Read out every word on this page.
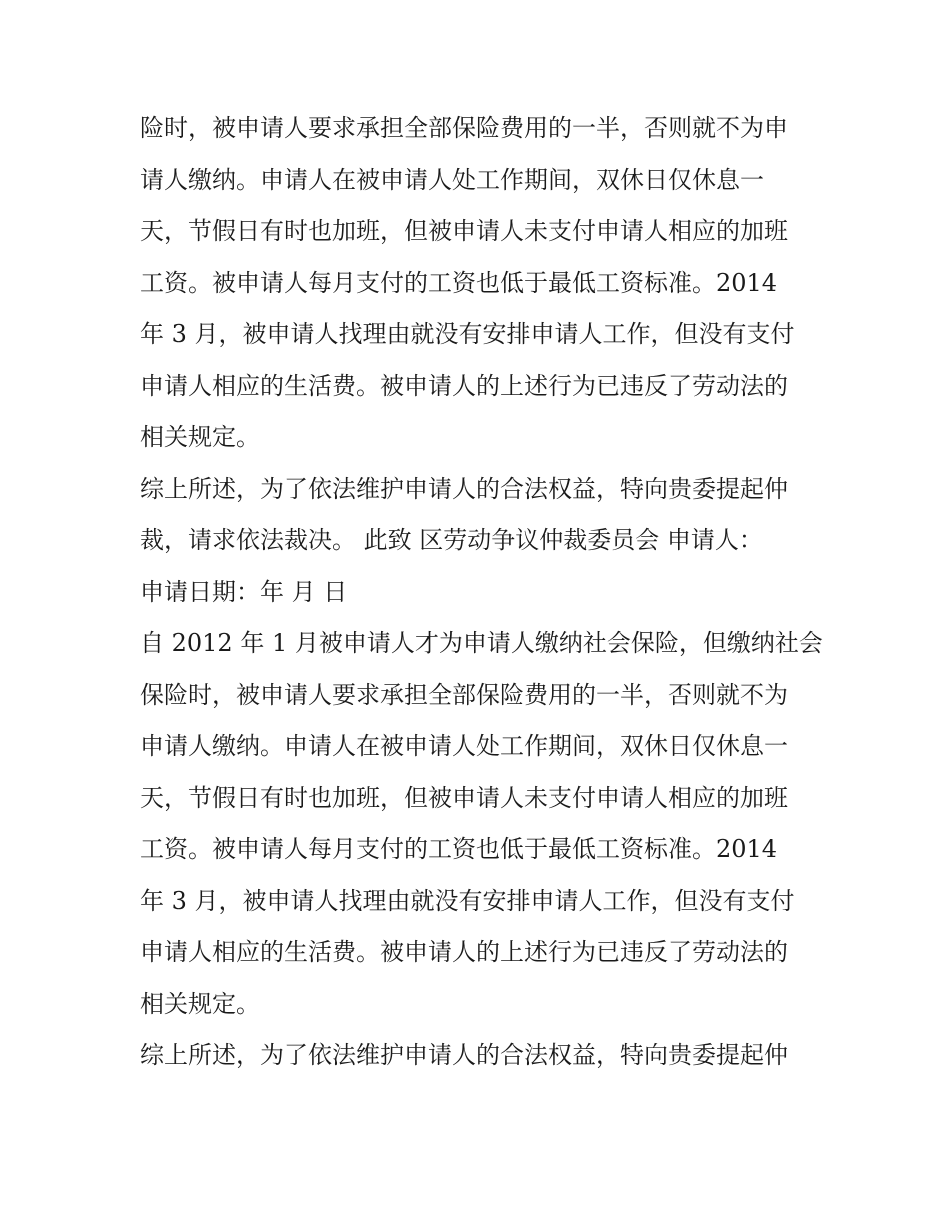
险时，被申请人要求承担全部保险费用的一半，否则就不为申
请人缴纳。申请人在被申请人处工作期间，双休日仅休息一
天，节假日有时也加班，但被申请人未支付申请人相应的加班
工资。被申请人每月支付的工资也低于最低工资标准。2014
年 3 月，被申请人找理由就没有安排申请人工作，但没有支付
申请人相应的生活费。被申请人的上述行为已违反了劳动法的
相关规定。
综上所述，为了依法维护申请人的合法权益，特向贵委提起仲
裁，请求依法裁决。 此致 区劳动争议仲裁委员会 申请人：
申请日期：年 月 日
自 2012 年 1 月被申请人才为申请人缴纳社会保险，但缴纳社会
保险时，被申请人要求承担全部保险费用的一半，否则就不为
申请人缴纳。申请人在被申请人处工作期间，双休日仅休息一
天，节假日有时也加班，但被申请人未支付申请人相应的加班
工资。被申请人每月支付的工资也低于最低工资标准。2014
年 3 月，被申请人找理由就没有安排申请人工作，但没有支付
申请人相应的生活费。被申请人的上述行为已违反了劳动法的
相关规定。
综上所述，为了依法维护申请人的合法权益，特向贵委提起仲
